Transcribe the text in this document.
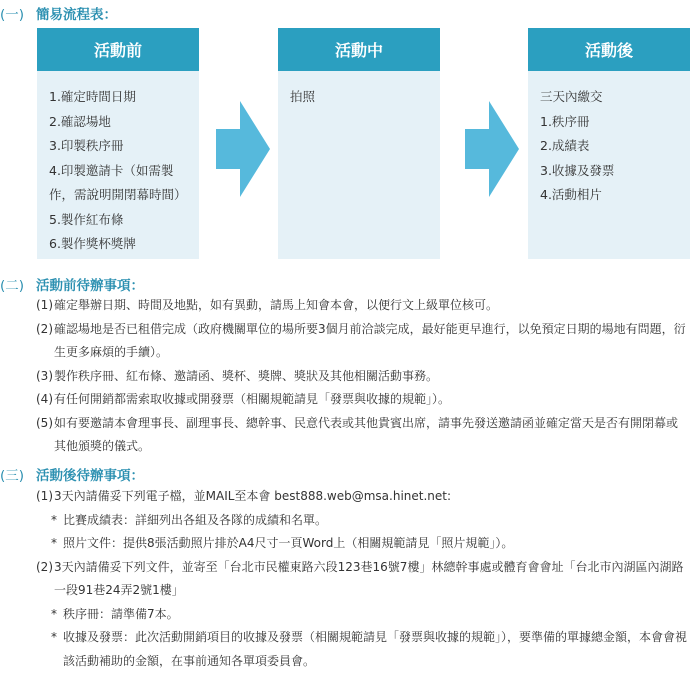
(一) 簡易流程表：
活動前
1.確定時間日期
2.確認場地
3.印製秩序冊
4.印製邀請卡（如需製
作，需說明開閉幕時間）
5.製作紅布條
6.製作獎杯獎牌
活動中
拍照
活動後
三天內繳交
1.秩序冊
2.成績表
3.收據及發票
4.活動相片
(二) 活動前待辦事項：
(1) 確定舉辦日期、時間及地點，如有異動，請馬上知會本會，以便行文上級單位核可。
(2) 確認場地是否已租借完成（政府機關單位的場所要3個月前洽談完成，最好能更早進行，以免預定日期的場地有問題，衍生更多麻煩的手續）。
(3) 製作秩序冊、紅布條、邀請函、獎杯、獎牌、獎狀及其他相關活動事務。
(4) 有任何開銷都需索取收據或開發票（相關規範請見「發票與收據的規範」）。
(5) 如有要邀請本會理事長、副理事長、總幹事、民意代表或其他貴賓出席，請事先發送邀請函並確定當天是否有開閉幕或其他頒獎的儀式。
(三) 活動後待辦事項：
(1) 3天內請備妥下列電子檔，並MAIL至本會 best888.web@msa.hinet.net:
* 比賽成績表：詳細列出各組及各隊的成績和名單。
* 照片文件：提供8張活動照片排於A4尺寸一頁Word上（相關規範請見「照片規範」）。
(2) 3天內請備妥下列文件，並寄至「台北市民權東路六段123巷16號7樓」林總幹事處或體育會會址「台北市內湖區內湖路一段91巷24弄2號1樓」
* 秩序冊：請準備7本。
* 收據及發票：此次活動開銷項目的收據及發票（相關規範請見「發票與收據的規範」），要準備的單據總金額，本會會視該活動補助的金額，在事前通知各單項委員會。
